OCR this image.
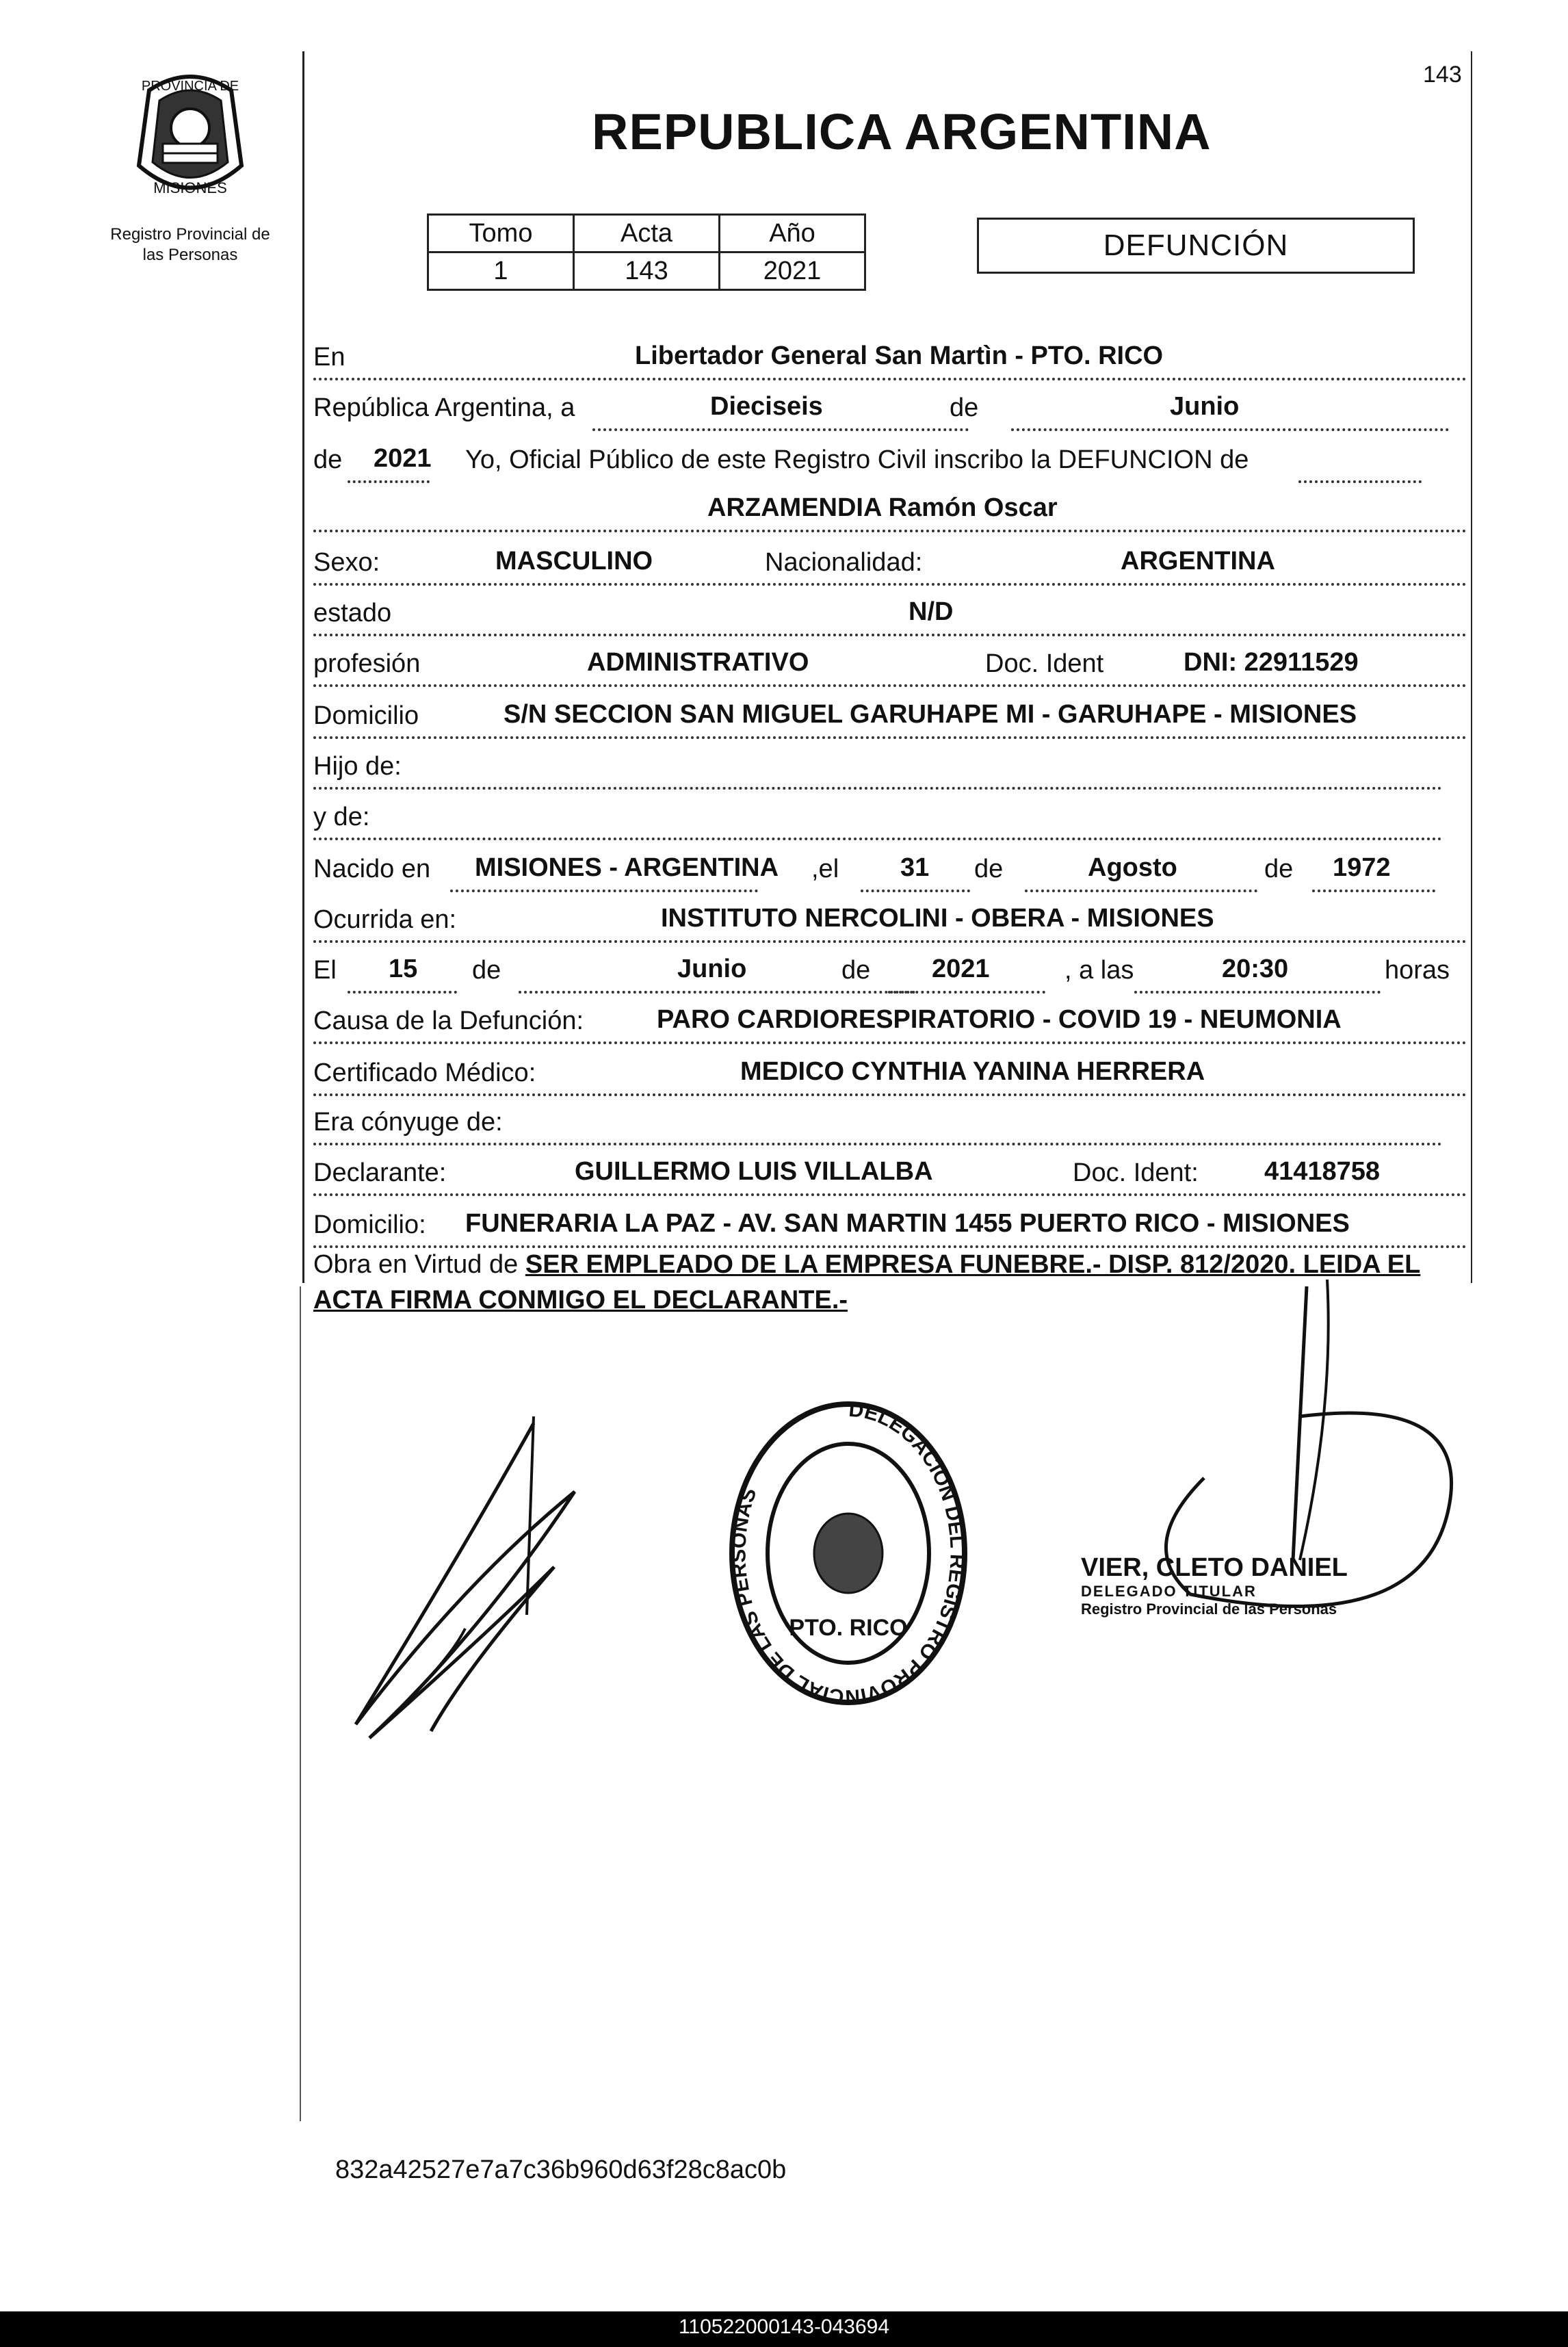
143
REPUBLICA ARGENTINA
PROVINCIA DE
MISIONES
Registro Provincial de
las Personas
Tomo	Acta	Año
1	143	2021
DEFUNCIÓN
En	Libertador General San Martìn - PTO. RICO
República Argentina, a	Dieciseis	de	Junio
de 2021 Yo, Oficial Público de este Registro Civil inscribo la DEFUNCION de
ARZAMENDIA Ramón Oscar
Sexo:	MASCULINO	Nacionalidad:	ARGENTINA
estado	N/D
profesión	ADMINISTRATIVO	Doc. Ident	DNI: 22911529
Domicilio	S/N SECCION SAN MIGUEL GARUHAPE MI - GARUHAPE - MISIONES
Hijo de:
y de:
Nacido en MISIONES - ARGENTINA ,el 31 de	Agosto	de 1972
Ocurrida en:	INSTITUTO NERCOLINI - OBERA - MISIONES
El 15 de	Junio	de 2021	, a las	20:30	horas
Causa de la Defunción:	PARO CARDIORESPIRATORIO - COVID 19 - NEUMONIA
Certificado Médico:	MEDICO CYNTHIA YANINA HERRERA
Era cónyuge de:
Declarante:	GUILLERMO LUIS VILLALBA	Doc. Ident:	41418758
Domicilio: FUNERARIA LA PAZ - AV. SAN MARTIN 1455 PUERTO RICO - MISIONES
Obra en Virtud de SER EMPLEADO DE LA EMPRESA FUNEBRE.- DISP. 812/2020. LEIDA EL ACTA FIRMA CONMIGO EL DECLARANTE.-
DELEGACION DEL REGISTRO PROVINCIAL DE LAS PERSONAS
PTO. RICO
VIER, CLETO DANIEL
DELEGADO TITULAR
Registro Provincial de las Personas
832a42527e7a7c36b960d63f28c8ac0b
110522000143-043694
